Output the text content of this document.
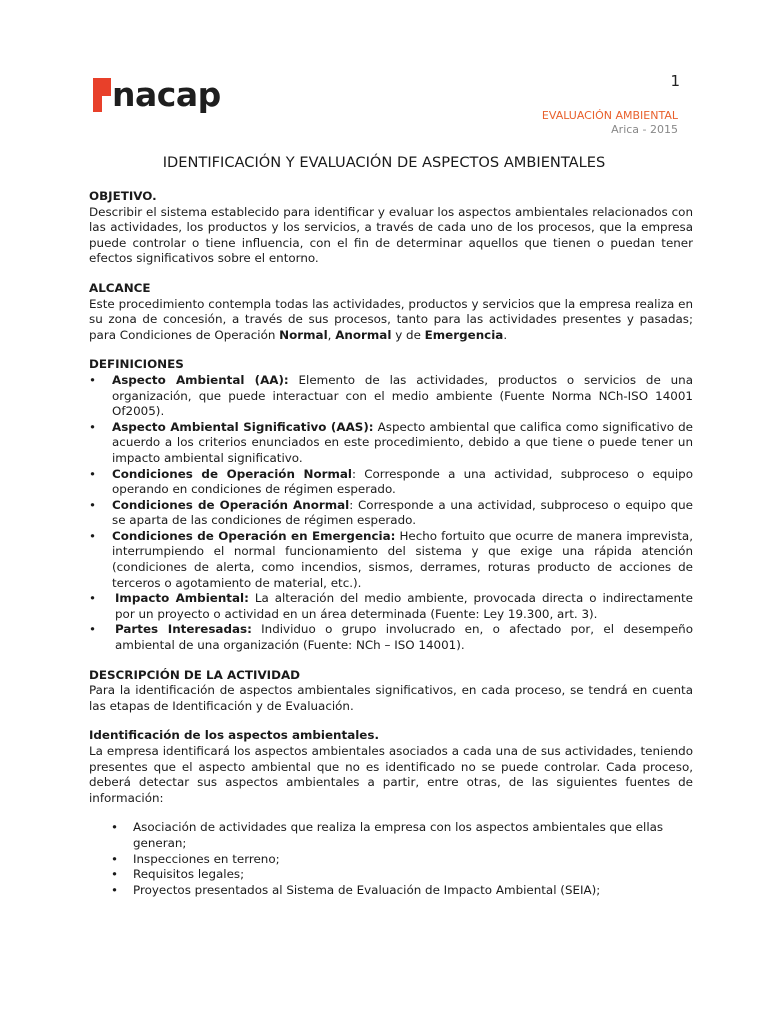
nacap	1
EVALUACIÓN AMBIENTAL
Arica - 2015
IDENTIFICACIÓN Y EVALUACIÓN DE ASPECTOS AMBIENTALES
OBJETIVO.
Describir el sistema establecido para identificar y evaluar los aspectos ambientales relacionados con las actividades, los productos y los servicios, a través de cada uno de los procesos, que la empresa puede controlar o tiene influencia, con el fin de determinar aquellos que tienen o puedan tener efectos significativos sobre el entorno.
ALCANCE
Este procedimiento contempla todas las actividades, productos y servicios que la empresa realiza en su zona de concesión, a través de sus procesos, tanto para las actividades presentes y pasadas; para Condiciones de Operación Normal, Anormal y de Emergencia.
DEFINICIONES
• Aspecto Ambiental (AA): Elemento de las actividades, productos o servicios de una organización, que puede interactuar con el medio ambiente (Fuente Norma NCh-ISO 14001 Of2005).
• Aspecto Ambiental Significativo (AAS): Aspecto ambiental que califica como significativo de acuerdo a los criterios enunciados en este procedimiento, debido a que tiene o puede tener un impacto ambiental significativo.
• Condiciones de Operación Normal: Corresponde a una actividad, subproceso o equipo operando en condiciones de régimen esperado.
• Condiciones de Operación Anormal: Corresponde a una actividad, subproceso o equipo que se aparta de las condiciones de régimen esperado.
• Condiciones de Operación en Emergencia: Hecho fortuito que ocurre de manera imprevista, interrumpiendo el normal funcionamiento del sistema y que exige una rápida atención (condiciones de alerta, como incendios, sismos, derrames, roturas producto de acciones de terceros o agotamiento de material, etc.).
• Impacto Ambiental: La alteración del medio ambiente, provocada directa o indirectamente por un proyecto o actividad en un área determinada (Fuente: Ley 19.300, art. 3).
• Partes Interesadas: Individuo o grupo involucrado en, o afectado por, el desempeño ambiental de una organización (Fuente: NCh – ISO 14001).
DESCRIPCIÓN DE LA ACTIVIDAD
Para la identificación de aspectos ambientales significativos, en cada proceso, se tendrá en cuenta las etapas de Identificación y de Evaluación.
Identificación de los aspectos ambientales.
La empresa identificará los aspectos ambientales asociados a cada una de sus actividades, teniendo presentes que el aspecto ambiental que no es identificado no se puede controlar. Cada proceso, deberá detectar sus aspectos ambientales a partir, entre otras, de las siguientes fuentes de información:
• Asociación de actividades que realiza la empresa con los aspectos ambientales que ellas generan;
• Inspecciones en terreno;
• Requisitos legales;
• Proyectos presentados al Sistema de Evaluación de Impacto Ambiental (SEIA);
